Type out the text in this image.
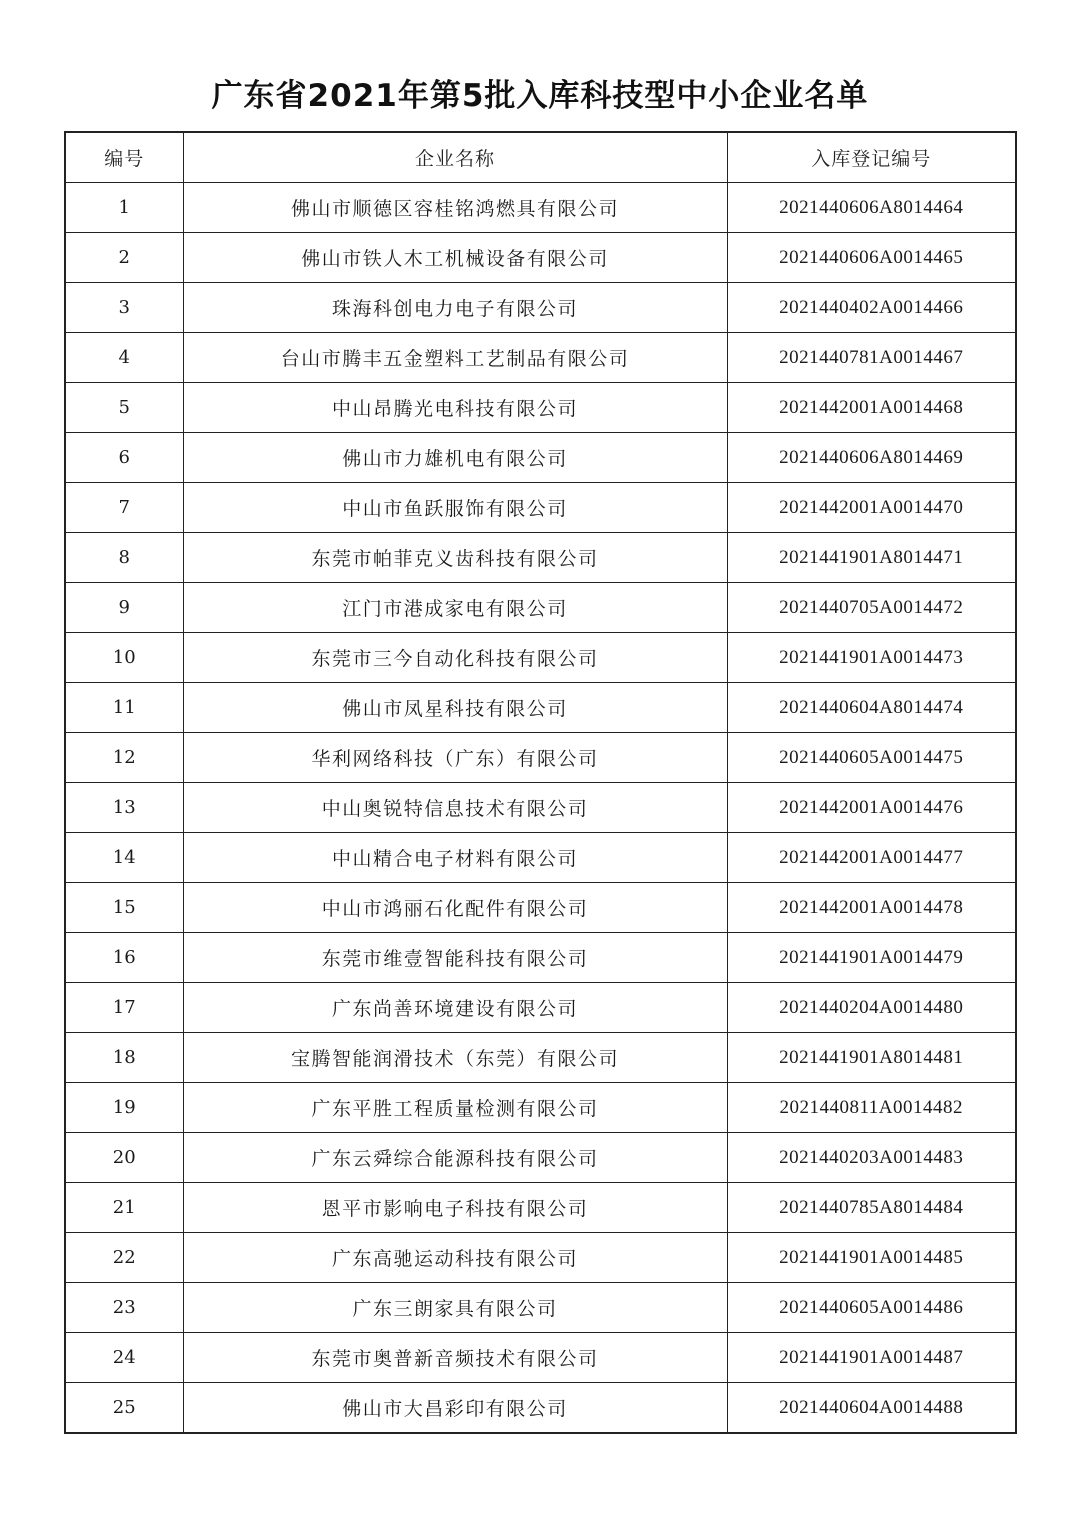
广东省2021年第5批入库科技型中小企业名单
编号	企业名称	入库登记编号
1	佛山市顺德区容桂铭鸿燃具有限公司	2021440606A8014464
2	佛山市铁人木工机械设备有限公司	2021440606A0014465
3	珠海科创电力电子有限公司	2021440402A0014466
4	台山市腾丰五金塑料工艺制品有限公司	2021440781A0014467
5	中山昂腾光电科技有限公司	2021442001A0014468
6	佛山市力雄机电有限公司	2021440606A8014469
7	中山市鱼跃服饰有限公司	2021442001A0014470
8	东莞市帕菲克义齿科技有限公司	2021441901A8014471
9	江门市港成家电有限公司	2021440705A0014472
10	东莞市三今自动化科技有限公司	2021441901A0014473
11	佛山市凤星科技有限公司	2021440604A8014474
12	华利网络科技（广东）有限公司	2021440605A0014475
13	中山奥锐特信息技术有限公司	2021442001A0014476
14	中山精合电子材料有限公司	2021442001A0014477
15	中山市鸿丽石化配件有限公司	2021442001A0014478
16	东莞市维壹智能科技有限公司	2021441901A0014479
17	广东尚善环境建设有限公司	2021440204A0014480
18	宝腾智能润滑技术（东莞）有限公司	2021441901A8014481
19	广东平胜工程质量检测有限公司	2021440811A0014482
20	广东云舜综合能源科技有限公司	2021440203A0014483
21	恩平市影响电子科技有限公司	2021440785A8014484
22	广东高驰运动科技有限公司	2021441901A0014485
23	广东三朗家具有限公司	2021440605A0014486
24	东莞市奥普新音频技术有限公司	2021441901A0014487
25	佛山市大昌彩印有限公司	2021440604A0014488
